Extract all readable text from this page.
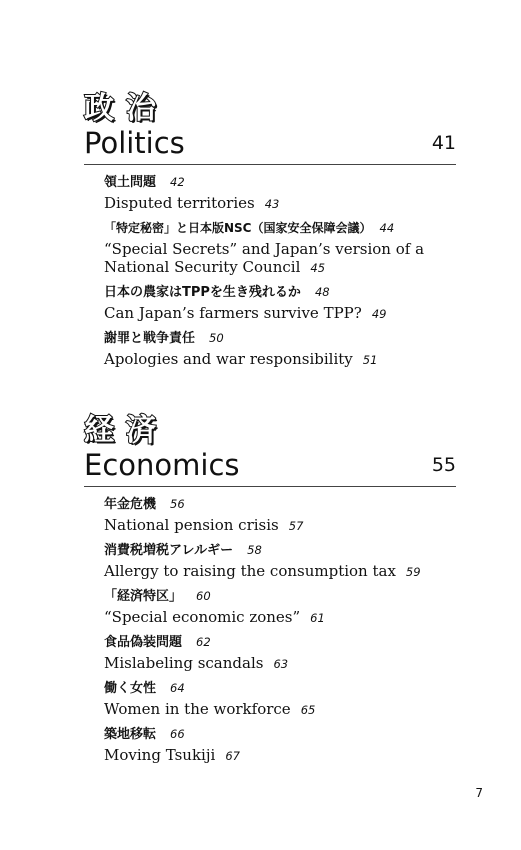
政治
Politics	41
領土問題 42
Disputed territories 43
「特定秘密」と日本版NSC（国家安全保障会議） 44
“Special Secrets” and Japan’s version of a National Security Council 45
日本の農家はTPPを生き残れるか 48
Can Japan’s farmers survive TPP? 49
謝罪と戦争責任 50
Apologies and war responsibility 51
経済
Economics	55
年金危機 56
National pension crisis 57
消費税増税アレルギー 58
Allergy to raising the consumption tax 59
「経済特区」 60
“Special economic zones” 61
食品偽装問題 62
Mislabeling scandals 63
働く女性 64
Women in the workforce 65
築地移転 66
Moving Tsukiji 67
7
